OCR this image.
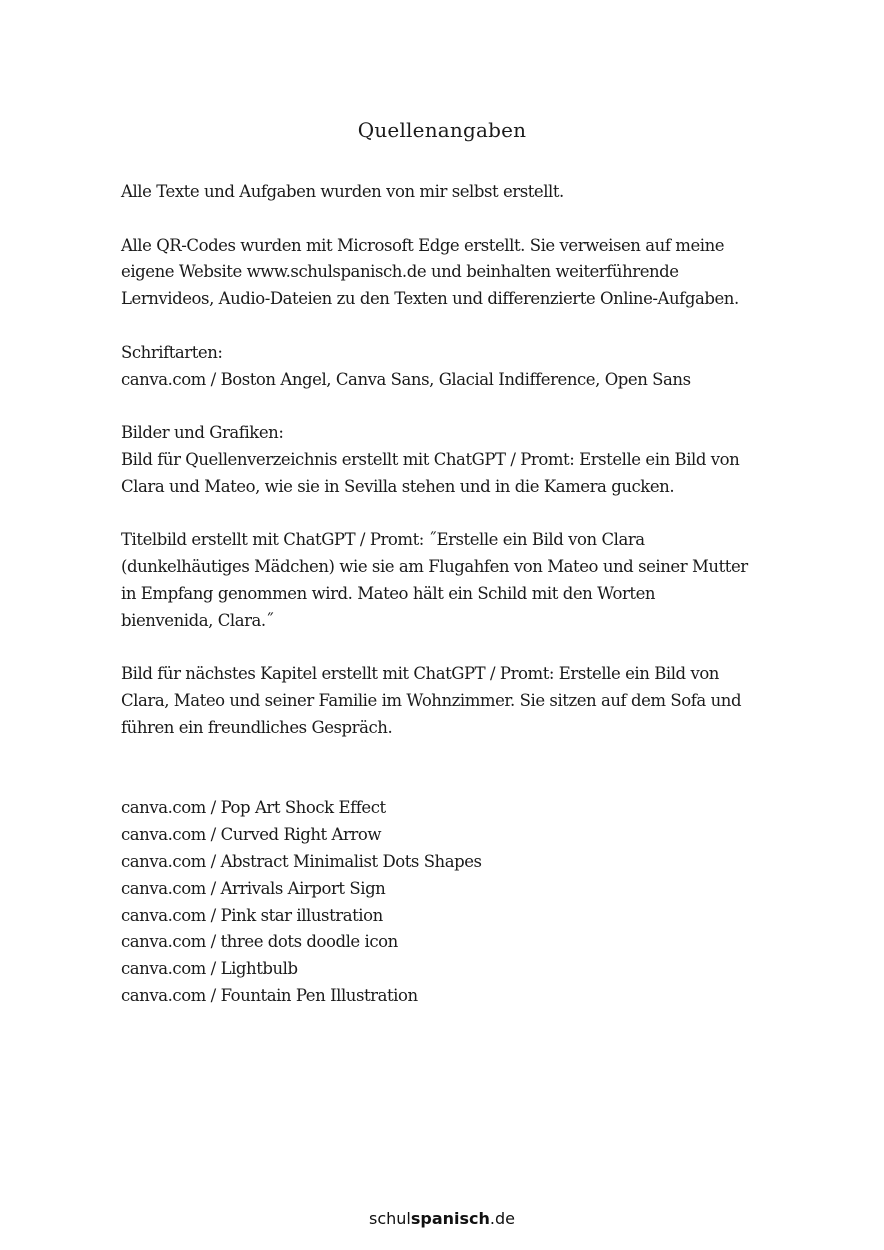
Quellenangaben

Alle Texte und Aufgaben wurden von mir selbst erstellt.

Alle QR-Codes wurden mit Microsoft Edge erstellt. Sie verweisen auf meine
eigene Website www.schulspanisch.de und beinhalten weiterführende
Lernvideos, Audio-Dateien zu den Texten und differenzierte Online-Aufgaben.

Schriftarten:
canva.com / Boston Angel, Canva Sans, Glacial Indifference, Open Sans

Bilder und Grafiken:
Bild für Quellenverzeichnis erstellt mit ChatGPT / Promt: Erstelle ein Bild von
Clara und Mateo, wie sie in Sevilla stehen und in die Kamera gucken.

Titelbild erstellt mit ChatGPT / Promt: ˝Erstelle ein Bild von Clara
(dunkelhäutiges Mädchen) wie sie am Flugahfen von Mateo und seiner Mutter
in Empfang genommen wird. Mateo hält ein Schild mit den Worten
bienvenida, Clara.˝

Bild für nächstes Kapitel erstellt mit ChatGPT / Promt: Erstelle ein Bild von
Clara, Mateo und seiner Familie im Wohnzimmer. Sie sitzen auf dem Sofa und
führen ein freundliches Gespräch.

canva.com / Pop Art Shock Effect
canva.com / Curved Right Arrow
canva.com / Abstract Minimalist Dots Shapes
canva.com / Arrivals Airport Sign
canva.com / Pink star illustration
canva.com / three dots doodle icon
canva.com / Lightbulb
canva.com / Fountain Pen Illustration
schulspanisch.de
